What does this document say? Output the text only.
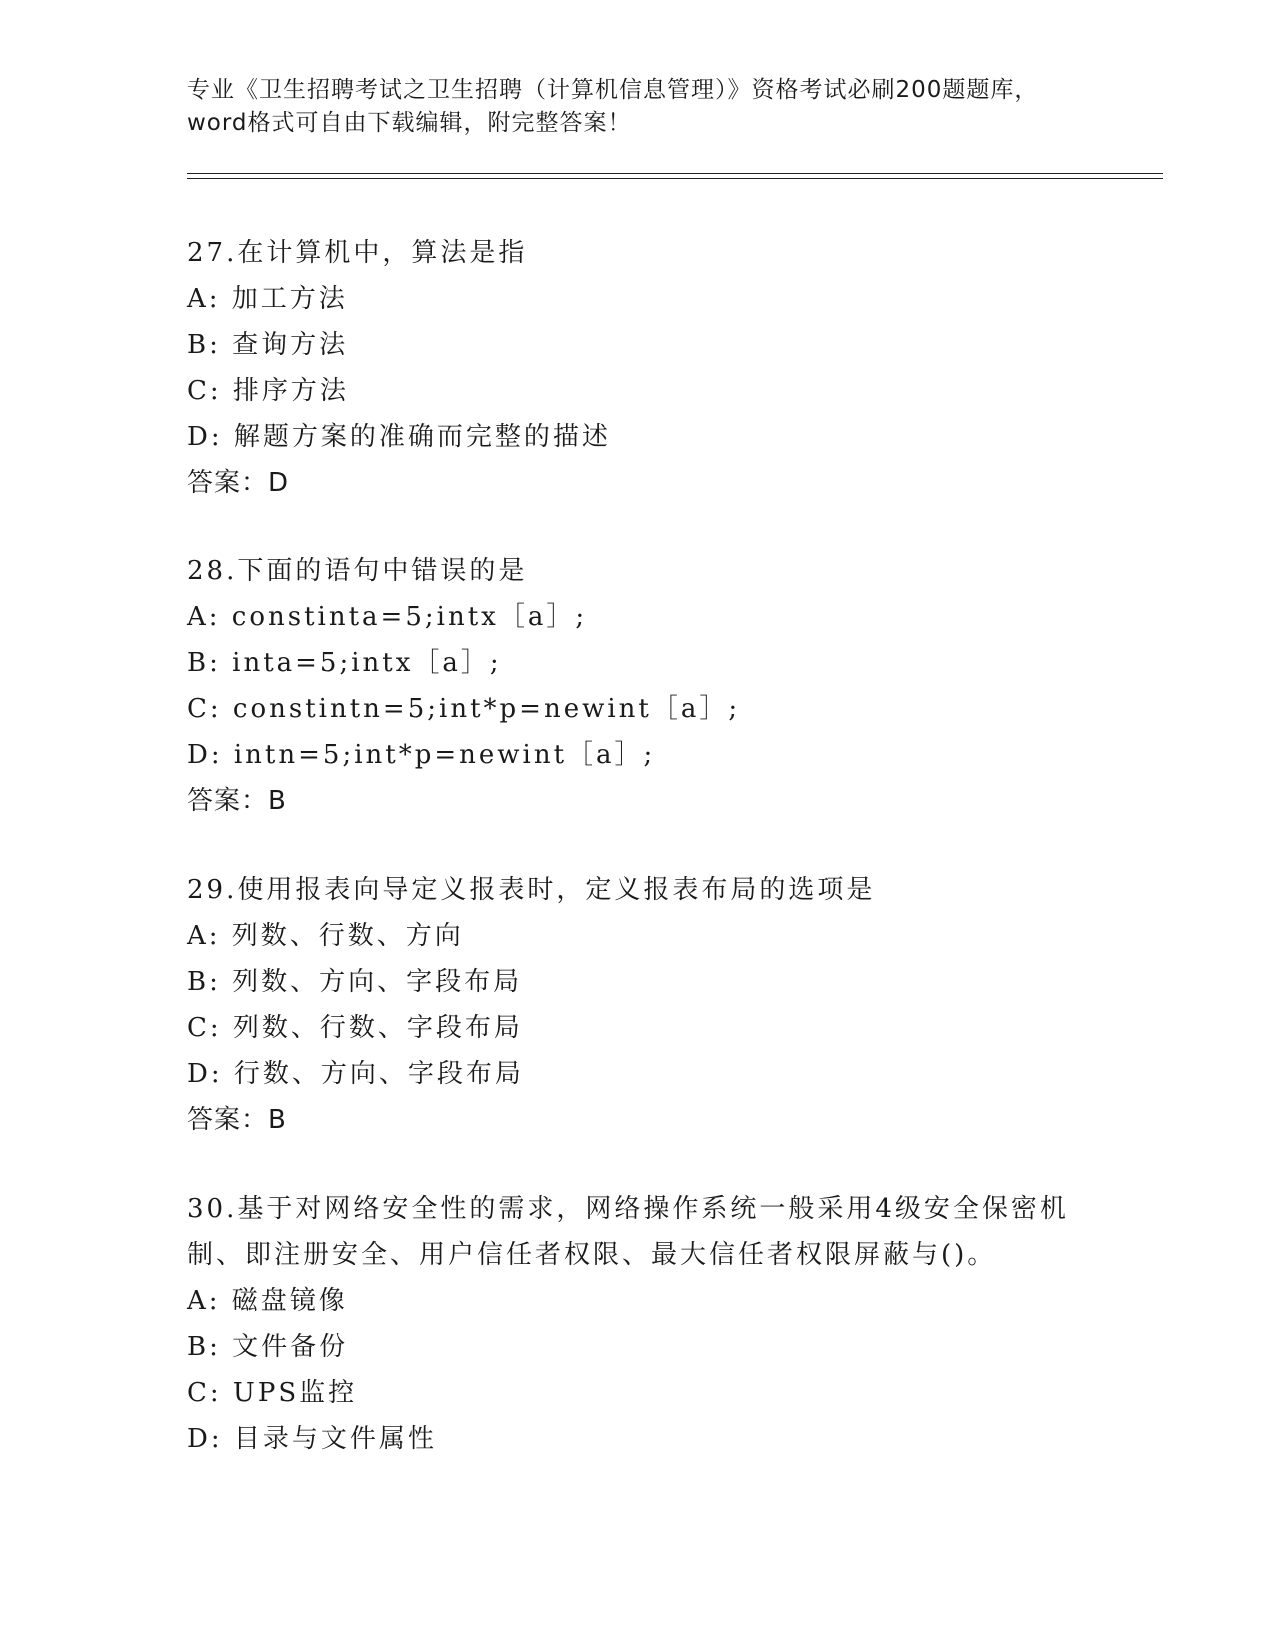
专业《卫生招聘考试之卫生招聘（计算机信息管理）》资格考试必刷200题题库，
word格式可自由下载编辑，附完整答案！
27.在计算机中，算法是指
A: 加工方法
B: 查询方法
C: 排序方法
D: 解题方案的准确而完整的描述
答案：D
28.下面的语句中错误的是
A: constinta=5;intx［a］;
B: inta=5;intx［a］;
C: constintn=5;int*p=newint［a］;
D: intn=5;int*p=newint［a］;
答案：B
29.使用报表向导定义报表时，定义报表布局的选项是
A: 列数、行数、方向
B: 列数、方向、字段布局
C: 列数、行数、字段布局
D: 行数、方向、字段布局
答案：B
30.基于对网络安全性的需求，网络操作系统一般采用4级安全保密机
制、即注册安全、用户信任者权限、最大信任者权限屏蔽与()。
A: 磁盘镜像
B: 文件备份
C: UPS监控
D: 目录与文件属性
